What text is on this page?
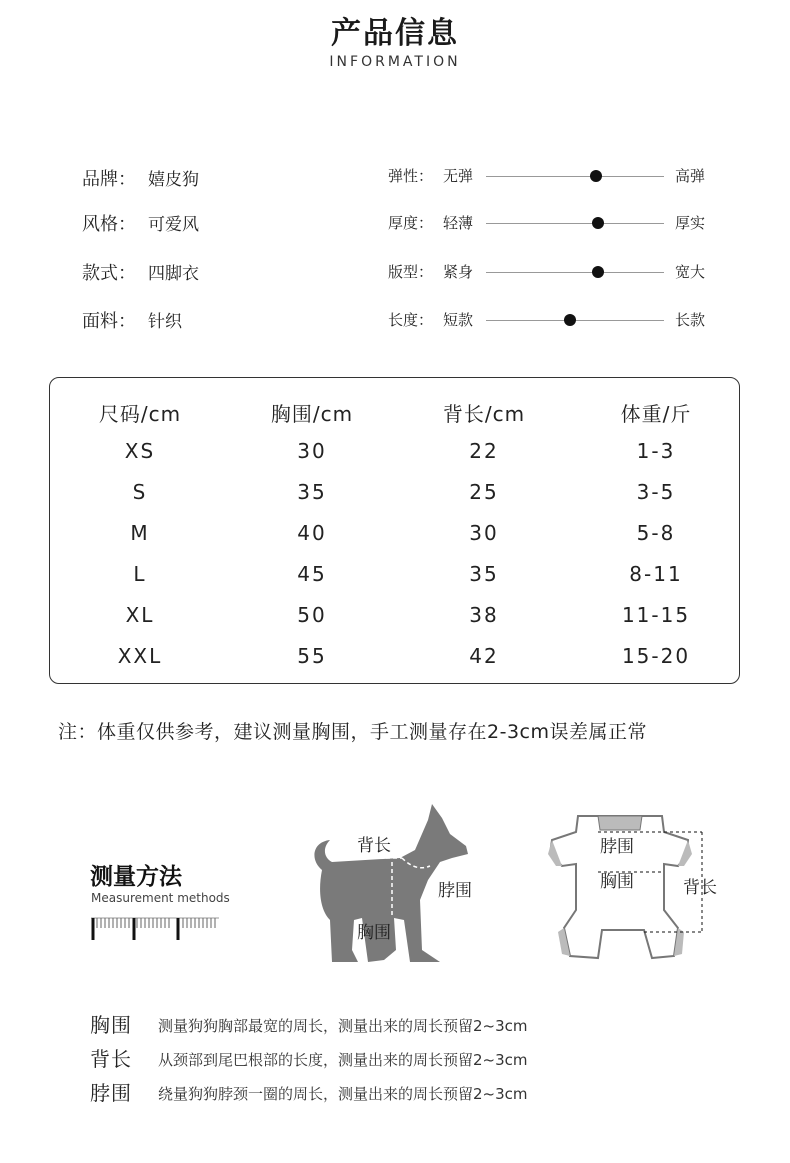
产品信息
INFORMATION
品牌： 嬉皮狗
风格： 可爱风
款式： 四脚衣
面料： 针织
弹性： 无弹	高弹
厚度： 轻薄	厚实
版型： 紧身	宽大
长度： 短款	长款
尺码/cm	胸围/cm	背长/cm	体重/斤
XS	30	22	1-3
S	35	25	3-5
M	40	30	5-8
L	45	35	8-11
XL	50	38	11-15
XXL	55	42	15-20
注：体重仅供参考，建议测量胸围，手工测量存在2-3cm误差属正常
测量方法
Measurement methods
背长
脖围
胸围
脖围
胸围	背长
胸围 测量狗狗胸部最宽的周长，测量出来的周长预留2~3cm
背长 从颈部到尾巴根部的长度，测量出来的周长预留2~3cm
脖围 绕量狗狗脖颈一圈的周长，测量出来的周长预留2~3cm
